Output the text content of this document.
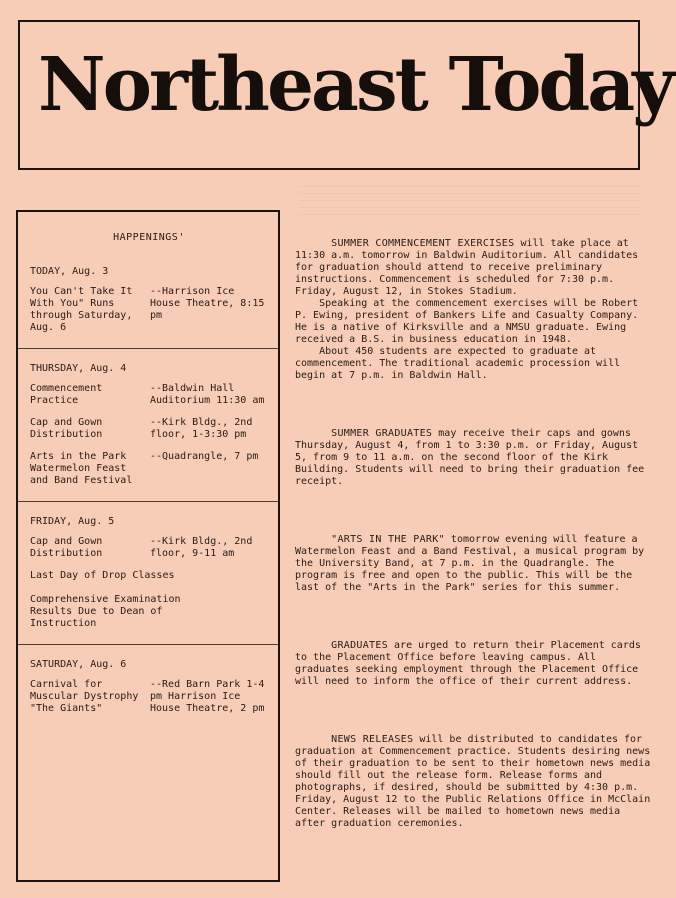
Northeast Today
HAPPENINGS'
TODAY, Aug. 3
You Can't Take It With You" Runs through Saturday, Aug. 6
--Harrison Ice House Theatre, 8:15 pm
THURSDAY, Aug. 4
Commencement Practice
--Baldwin Hall Auditorium 11:30 am
Cap and Gown Distribution
--Kirk Bldg., 2nd floor, 1-3:30 pm
Arts in the Park Watermelon Feast and Band Festival
--Quadrangle, 7 pm
FRIDAY, Aug. 5
Cap and Gown Distribution
--Kirk Bldg., 2nd floor, 9-11 am
Last Day of Drop Classes
Comprehensive Examination Results Due to Dean of Instruction
SATURDAY, Aug. 6
Carnival for Muscular Dystrophy "The Giants"
--Red Barn Park 1-4 pm Harrison Ice House Theatre, 2 pm

SUMMER COMMENCEMENT EXERCISES will take place at 11:30 a.m. tomorrow in Baldwin Auditorium. All candidates for graduation should attend to receive preliminary instructions. Commencement is scheduled for 7:30 p.m. Friday, August 12, in Stokes Stadium.
Speaking at the commencement exercises will be Robert P. Ewing, president of Bankers Life and Casualty Company. He is a native of Kirksville and a NMSU graduate. Ewing received a B.S. in business education in 1948.
About 450 students are expected to graduate at commencement. The traditional academic procession will begin at 7 p.m. in Baldwin Hall.

SUMMER GRADUATES may receive their caps and gowns Thursday, August 4, from 1 to 3:30 p.m. or Friday, August 5, from 9 to 11 a.m. on the second floor of the Kirk Building. Students will need to bring their graduation fee receipt.

"ARTS IN THE PARK" tomorrow evening will feature a Watermelon Feast and a Band Festival, a musical program by the University Band, at 7 p.m. in the Quadrangle. The program is free and open to the public. This will be the last of the "Arts in the Park" series for this summer.

GRADUATES are urged to return their Placement cards to the Placement Office before leaving campus. All graduates seeking employment through the Placement Office will need to inform the office of their current address.

NEWS RELEASES will be distributed to candidates for graduation at Commencement practice. Students desiring news of their graduation to be sent to their hometown news media should fill out the release form. Release forms and photographs, if desired, should be submitted by 4:30 p.m. Friday, August 12 to the Public Relations Office in McClain Center. Releases will be mailed to hometown news media after graduation ceremonies.
